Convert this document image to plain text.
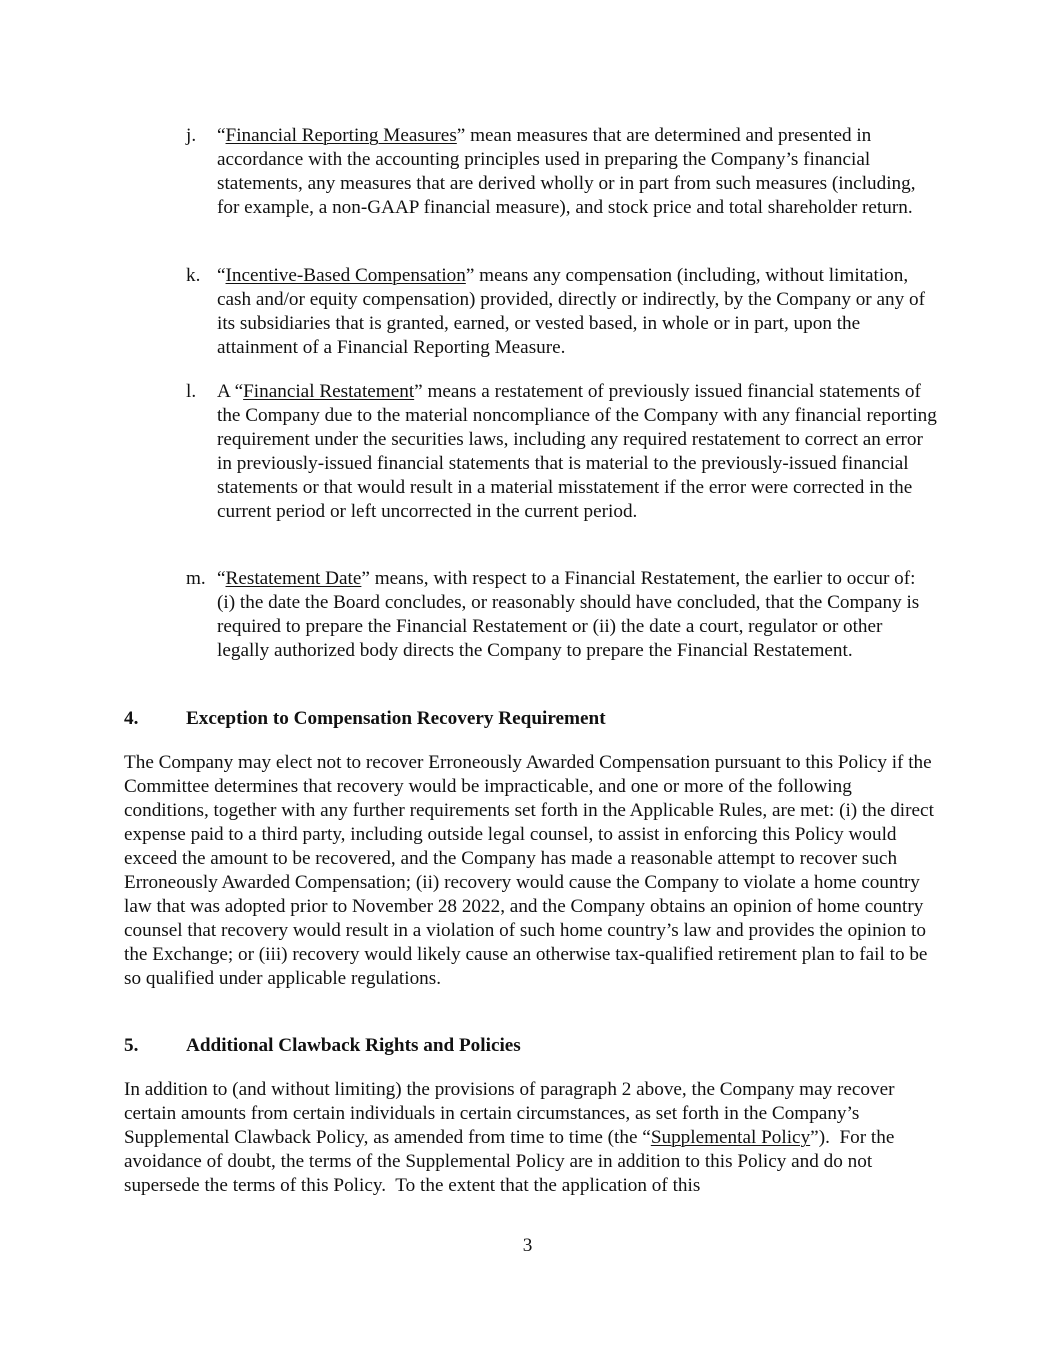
j.	“Financial Reporting Measures” mean measures that are determined and presented in accordance with the accounting principles used in preparing the Company’s financial statements, any measures that are derived wholly or in part from such measures (including, for example, a non-GAAP financial measure), and stock price and total shareholder return.
k. “Incentive-Based Compensation” means any compensation (including, without limitation, cash and/or equity compensation) provided, directly or indirectly, by the Company or any of its subsidiaries that is granted, earned, or vested based, in whole or in part, upon the attainment of a Financial Reporting Measure.
l.	A “Financial Restatement” means a restatement of previously issued financial statements of the Company due to the material noncompliance of the Company with any financial reporting requirement under the securities laws, including any required restatement to correct an error in previously-issued financial statements that is material to the previously-issued financial statements or that would result in a material misstatement if the error were corrected in the current period or left uncorrected in the current period.
m. “Restatement Date” means, with respect to a Financial Restatement, the earlier to occur of: (i) the date the Board concludes, or reasonably should have concluded, that the Company is required to prepare the Financial Restatement or (ii) the date a court, regulator or other legally authorized body directs the Company to prepare the Financial Restatement.
4. Exception to Compensation Recovery Requirement
The Company may elect not to recover Erroneously Awarded Compensation pursuant to this Policy if the Committee determines that recovery would be impracticable, and one or more of the following conditions, together with any further requirements set forth in the Applicable Rules, are met: (i) the direct expense paid to a third party, including outside legal counsel, to assist in enforcing this Policy would exceed the amount to be recovered, and the Company has made a reasonable attempt to recover such Erroneously Awarded Compensation; (ii) recovery would cause the Company to violate a home country law that was adopted prior to November 28 2022, and the Company obtains an opinion of home country counsel that recovery would result in a violation of such home country’s law and provides the opinion to the Exchange; or (iii) recovery would likely cause an otherwise tax-qualified retirement plan to fail to be so qualified under applicable regulations.
5. Additional Clawback Rights and Policies
In addition to (and without limiting) the provisions of paragraph 2 above, the Company may recover certain amounts from certain individuals in certain circumstances, as set forth in the Company’s Supplemental Clawback Policy, as amended from time to time (the “Supplemental Policy”).  For the avoidance of doubt, the terms of the Supplemental Policy are in addition to this Policy and do not supersede the terms of this Policy.  To the extent that the application of this
3
